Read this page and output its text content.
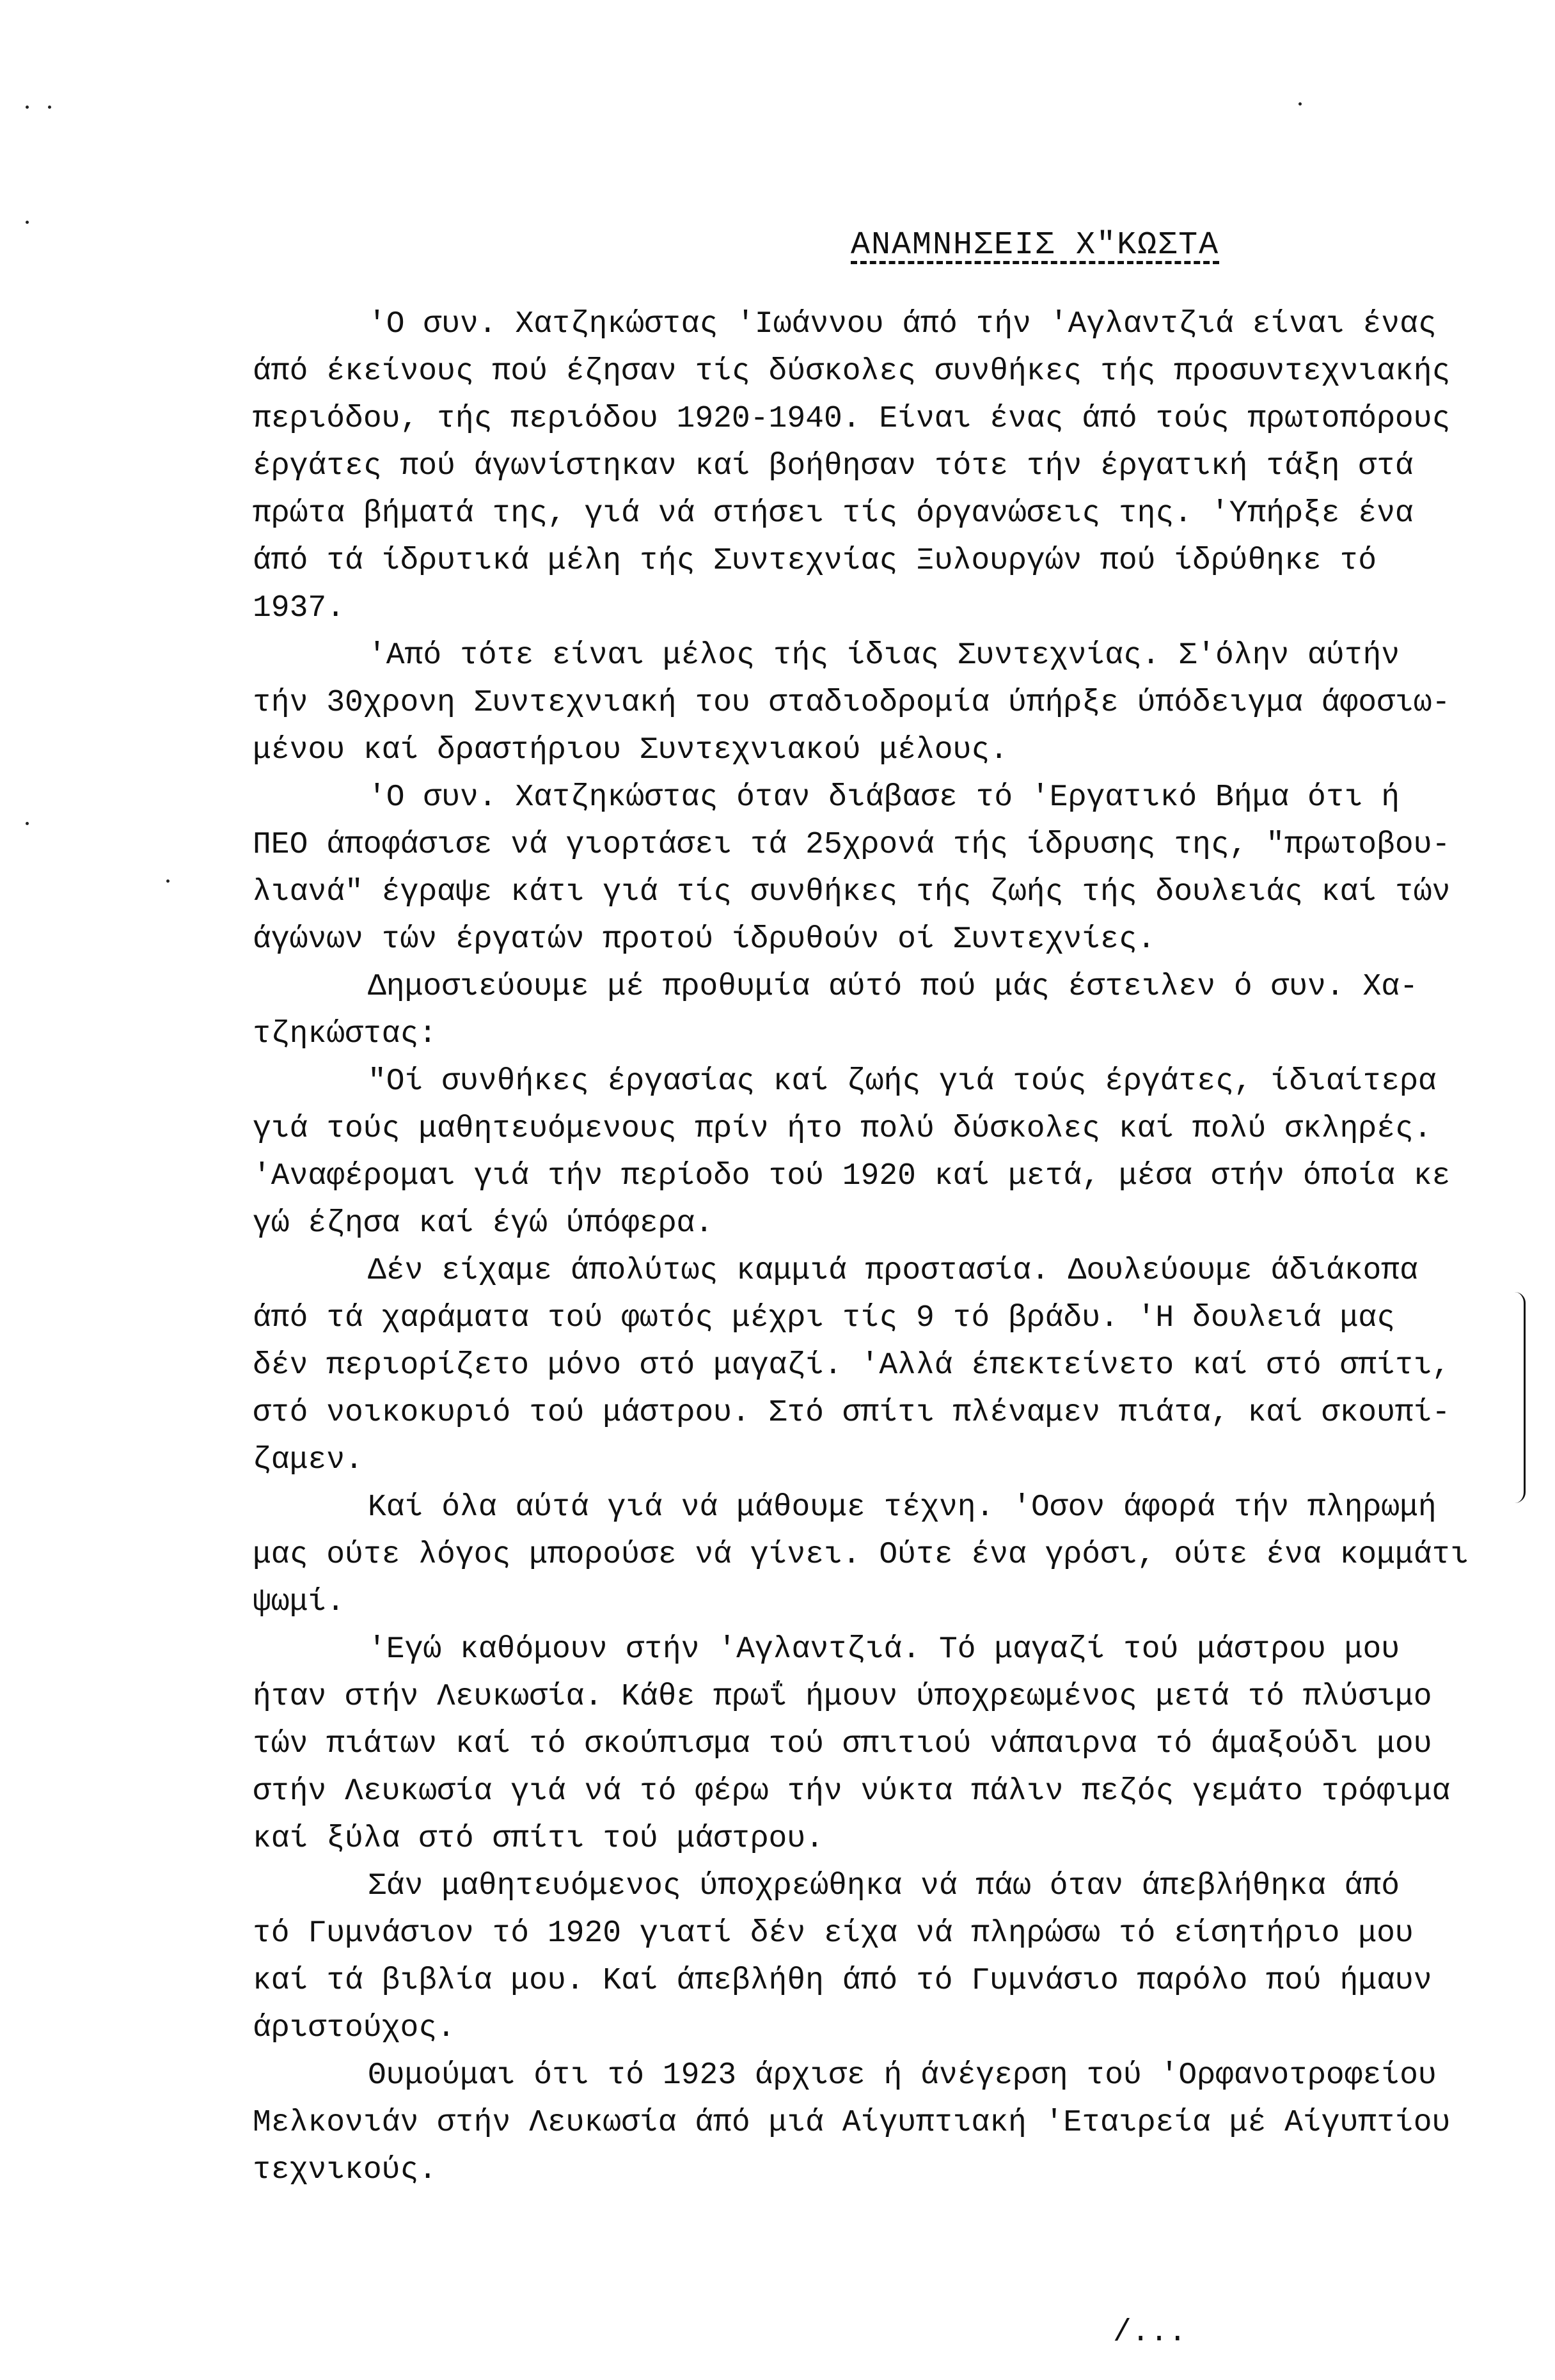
ΑΝΑΜΝΗΣΕΙΣ Χ"ΚΩΣΤΑ
'Ο συν. Χατζηκώστας 'Ιωάννου άπό τήν 'Αγλαντζιά είναι ένας
άπό έκείνους πού έζησαν τίς δύσκολες συνθήκες τής προσυντεχνιακής
περιόδου, τής περιόδου 1920-1940. Είναι ένας άπό τούς πρωτοπόρους
έργάτες πού άγωνίστηκαν καί βοήθησαν τότε τήν έργατική τάξη στά
πρώτα βήματά της, γιά νά στήσει τίς όργανώσεις της. 'Υπήρξε ένα
άπό τά ίδρυτικά μέλη τής Συντεχνίας Ξυλουργών πού ίδρύθηκε τό
1937.
'Από τότε είναι μέλος τής ίδιας Συντεχνίας. Σ'όλην αύτήν
τήν 30χρονη Συντεχνιακή του σταδιοδρομία ύπήρξε ύπόδειγμα άφοσιω-
μένου καί δραστήριου Συντεχνιακού μέλους.
'Ο συν. Χατζηκώστας όταν διάβασε τό 'Εργατικό Βήμα ότι ή
ΠΕΟ άποφάσισε νά γιορτάσει τά 25χρονά τής ίδρυσης της, "πρωτοβου-
λιανά" έγραψε κάτι γιά τίς συνθήκες τής ζωής τής δουλειάς καί τών
άγώνων τών έργατών προτού ίδρυθούν οί Συντεχνίες.
Δημοσιεύουμε μέ προθυμία αύτό πού μάς έστειλεν ό συν. Χα-
τζηκώστας:
"Οί συνθήκες έργασίας καί ζωής γιά τούς έργάτες, ίδιαίτερα
γιά τούς μαθητευόμενους πρίν ήτο πολύ δύσκολες καί πολύ σκληρές.
'Αναφέρομαι γιά τήν περίοδο τού 1920 καί μετά, μέσα στήν όποία κε
γώ έζησα καί έγώ ύπόφερα.
Δέν είχαμε άπολύτως καμμιά προστασία. Δουλεύουμε άδιάκοπα
άπό τά χαράματα τού φωτός μέχρι τίς 9 τό βράδυ. 'Η δουλειά μας
δέν περιορίζετο μόνο στό μαγαζί. 'Αλλά έπεκτείνετο καί στό σπίτι,
στό νοικοκυριό τού μάστρου. Στό σπίτι πλέναμεν πιάτα, καί σκουπί-
ζαμεν.
Καί όλα αύτά γιά νά μάθουμε τέχνη. 'Οσον άφορά τήν πληρωμή
μας ούτε λόγος μπορούσε νά γίνει. Ούτε ένα γρόσι, ούτε ένα κομμάτι
ψωμί.
'Εγώ καθόμουν στήν 'Αγλαντζιά. Τό μαγαζί τού μάστρου μου
ήταν στήν Λευκωσία. Κάθε πρωΐ ήμουν ύποχρεωμένος μετά τό πλύσιμο
τών πιάτων καί τό σκούπισμα τού σπιτιού νάπαιρνα τό άμαξούδι μου
στήν Λευκωσία γιά νά τό φέρω τήν νύκτα πάλιν πεζός γεμάτο τρόφιμα
καί ξύλα στό σπίτι τού μάστρου.
Σάν μαθητευόμενος ύποχρεώθηκα νά πάω όταν άπεβλήθηκα άπό
τό Γυμνάσιον τό 1920 γιατί δέν είχα νά πληρώσω τό είσητήριο μου
καί τά βιβλία μου. Καί άπεβλήθη άπό τό Γυμνάσιο παρόλο πού ήμαυν
άριστούχος.
Θυμούμαι ότι τό 1923 άρχισε ή άνέγερση τού 'Ορφανοτροφείου
Μελκονιάν στήν Λευκωσία άπό μιά Αίγυπτιακή 'Εταιρεία μέ Αίγυπτίου
τεχνικούς.
/...
